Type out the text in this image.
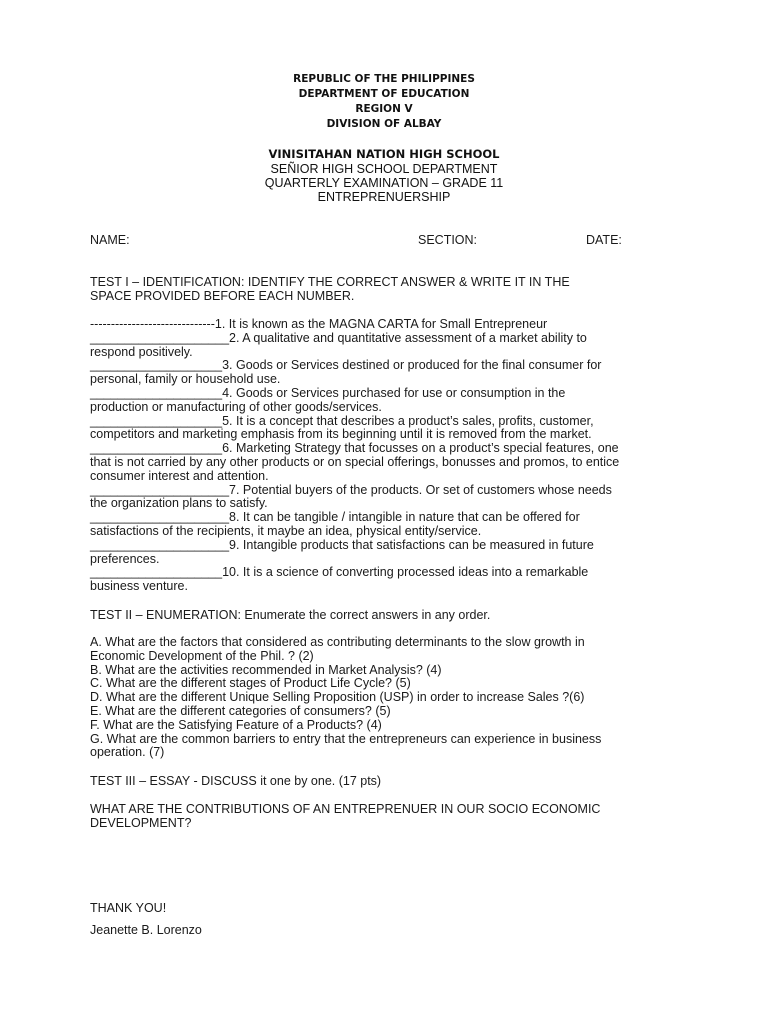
REPUBLIC OF THE PHILIPPINES
DEPARTMENT OF EDUCATION
REGION V
DIVISION OF ALBAY
VINISITAHAN NATION HIGH SCHOOL
SEÑIOR HIGH SCHOOL DEPARTMENT
QUARTERLY EXAMINATION – GRADE 11
ENTREPRENUERSHIP
NAME:	SECTION:	DATE:

TEST I – IDENTIFICATION: IDENTIFY THE CORRECT ANSWER & WRITE IT IN THE

SPACE PROVIDED BEFORE EACH NUMBER.

------------------------------1. It is known as the MAGNA CARTA for Small Entrepreneur

____________________2. A qualitative and quantitative assessment of a market ability to

respond positively.

___________________3. Goods or Services destined or produced for the final consumer for

personal, family or household use.

___________________4. Goods or Services purchased for use or consumption in the

production or manufacturing of other goods/services.

___________________5. It is a concept that describes a product’s sales, profits, customer,

competitors and marketing emphasis from its beginning until it is removed from the market.

___________________6. Marketing Strategy that focusses on a product’s special features, one

that is not carried by any other products or on special offerings, bonusses and promos, to entice

consumer interest and attention.

____________________7. Potential buyers of the products. Or set of customers whose needs

the organization plans to satisfy.

____________________8. It can be tangible / intangible in nature that can be offered for

satisfactions of the recipients, it maybe an idea, physical entity/service.

____________________9. Intangible products that satisfactions can be measured in future

preferences.

___________________10. It is a science of converting processed ideas into a remarkable

business venture.

TEST II – ENUMERATION: Enumerate the correct answers in any order.

A. What are the factors that considered as contributing determinants to the slow growth in

Economic Development of the Phil. ? (2)

B. What are the activities recommended in Market Analysis? (4)

C. What are the different stages of Product Life Cycle? (5)

D. What are the different Unique Selling Proposition (USP) in order to increase Sales ?(6)

E. What are the different categories of consumers? (5)

F. What are the Satisfying Feature of a Products? (4)

G. What are the common barriers to entry that the entrepreneurs can experience in business

operation. (7)

TEST III – ESSAY - DISCUSS it one by one. (17 pts)

WHAT ARE THE CONTRIBUTIONS OF AN ENTREPRENUER IN OUR SOCIO ECONOMIC

DEVELOPMENT?

THANK YOU!
Jeanette B. Lorenzo
